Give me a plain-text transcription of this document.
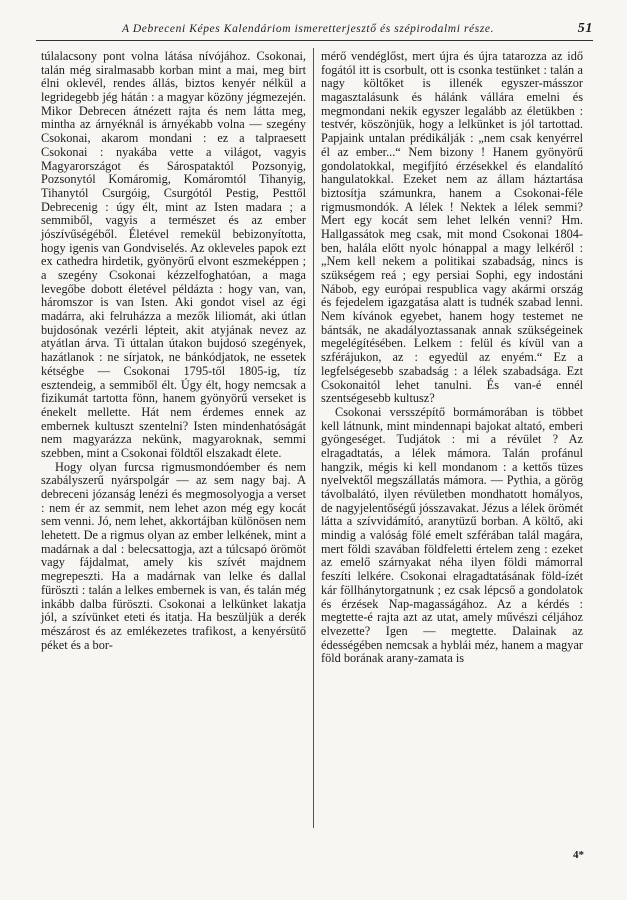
A Debreceni Képes Kalendáriom ismeretterjesztő és szépirodalmi része.	51

túlalacsony pont volna látása nívójához. Csokonai, talán még siralmasabb korban mint a mai, meg birt élni oklevél, rendes állás, biztos kenyér nélkül a legridegebb jég hátán : a magyar közöny jégmezején. Mikor Debrecen átnézett rajta és nem látta meg, mintha az árnyéknál is árnyékabb volna — szegény Csokonai, akarom mondani : ez a talpraesett Csokonai : nyakába vette a világot, vagyis Magyarországot és Sárospataktól Pozsonyig, Pozsonytól Komáromig, Komáromtól Tihanyig, Tihanytól Csurgóig, Csurgótól Pestig, Pesttől Debrecenig : úgy élt, mint az Isten madara ; a semmiből, vagyis a természet és az ember jószívűségéből. Életével remekül bebizonyította, hogy igenis van Gondviselés. Az okleveles papok ezt ex cathedra hirdetik, gyönyörű elvont eszmeképpen ; a szegény Csokonai kézzelfoghatóan, a maga levegőbe dobott életével példázta : hogy van, van, háromszor is van Isten. Aki gondot visel az égi madárra, aki felruházza a mezők liliomát, aki útlan bujdosónak vezérli lépteit, akit atyjának nevez az atyátlan árva. Ti úttalan útakon bujdosó szegények, hazátlanok : ne sírjatok, ne bánkódjatok, ne essetek kétségbe — Csokonai 1795-től 1805-ig, tíz esztendeig, a semmiből élt. Úgy élt, hogy nemcsak a fizikumát tartotta fönn, hanem gyönyörű verseket is énekelt mellette. Hát nem érdemes ennek az embernek kultuszt szentelni? Isten mindenhatóságát nem magyarázza nekünk, magyaroknak, semmi szebben, mint a Csokonai földtől elszakadt élete.

Hogy olyan furcsa rigmusmondóember és nem szabályszerű nyárspolgár — az sem nagy baj. A debreceni józanság lenézi és megmosolyogja a verset : nem ér az semmit, nem lehet azon még egy kocát sem venni. Jó, nem lehet, akkortájban különösen nem lehetett. De a rigmus olyan az ember lelkének, mint a madárnak a dal : belecsattogja, azt a túlcsapó örömöt vagy fájdalmat, amely kis szívét majdnem megrepeszti. Ha a madárnak van lelke és dallal füröszti : talán a lelkes embernek is van, és talán még inkább dalba füröszti. Csokonai a lelkünket lakatja jól, a szívünket eteti és itatja. Ha beszüljük a derék mészárost és az emlékezetes trafikost, a kenyérsütő péket és a bor-

mérő vendéglőst, mert újra és újra tatarozza az idő fogától itt is csorbult, ott is csonka testünket : talán a nagy költőket is illenék egyszer-másszor magasztalásunk és hálánk vállára emelni és megmondani nekik egyszer legalább az életükben : testvér, köszönjük, hogy a lelkünket is jól tartottad. Papjaink untalan prédikálják : „nem csak kenyérrel él az ember...“ Nem bizony ! Hanem gyönyörű gondolatokkal, megifjító érzésekkel és elandalító hangulatokkal. Ezeket nem az állam háztartása biztosítja számunkra, hanem a Csokonai-féle rigmusmondók. A lélek ! Nektek a lélek semmi? Mert egy kocát sem lehet lelkén venni? Hm. Hallgassátok meg csak, mit mond Csokonai 1804-ben, halála előtt nyolc hónappal a magy lelkéről : „Nem kell nekem a politikai szabadság, nincs is szükségem reá ; egy persiai Sophi, egy indostáni Nábob, egy európai respublica vagy akármi ország és fejedelem igazgatása alatt is tudnék szabad lenni. Nem kívánok egyebet, hanem hogy testemet ne bántsák, ne akadályoztassanak annak szükségeinek megelégítésében. Lelkem : felül és kívül van a szférájukon, az : egyedül az enyém.“ Ez a legfelségesebb szabadság : a lélek szabadsága. Ezt Csokonaitól lehet tanulni. És van-é ennél szentségesebb kultusz?

Csokonai versszépítő bormámorában is többet kell látnunk, mint mindennapi bajokat altató, emberi gyöngeséget. Tudjátok : mi a révület ? Az elragadtatás, a lélek mámora. Talán profánul hangzik, mégis ki kell mondanom : a kettős tüzes nyelvektől megszállatás mámora. — Pythia, a görög távolbalátó, ilyen révületben mondhatott homályos, de nagyjelentőségű jósszavakat. Jézus a lélek örömét látta a szívvidámító, aranytüzű borban. A költő, aki mindig a valóság fölé emelt szférában talál magára, mert földi szavában földfeletti értelem zeng : ezeket az emelő szárnyakat néha ilyen földi mámorral feszíti lelkére. Csokonai elragadtatásának föld-ízét kár föllhánytorgatnunk ; ez csak lépcső a gondolatok és érzések Nap-magasságához. Az a kérdés : megtette-é rajta azt az utat, amely művészi céljához elvezette? Igen — megtette. Dalainak az édességében nemcsak a hyblái méz, hanem a magyar föld borának arany-zamata is

4*
